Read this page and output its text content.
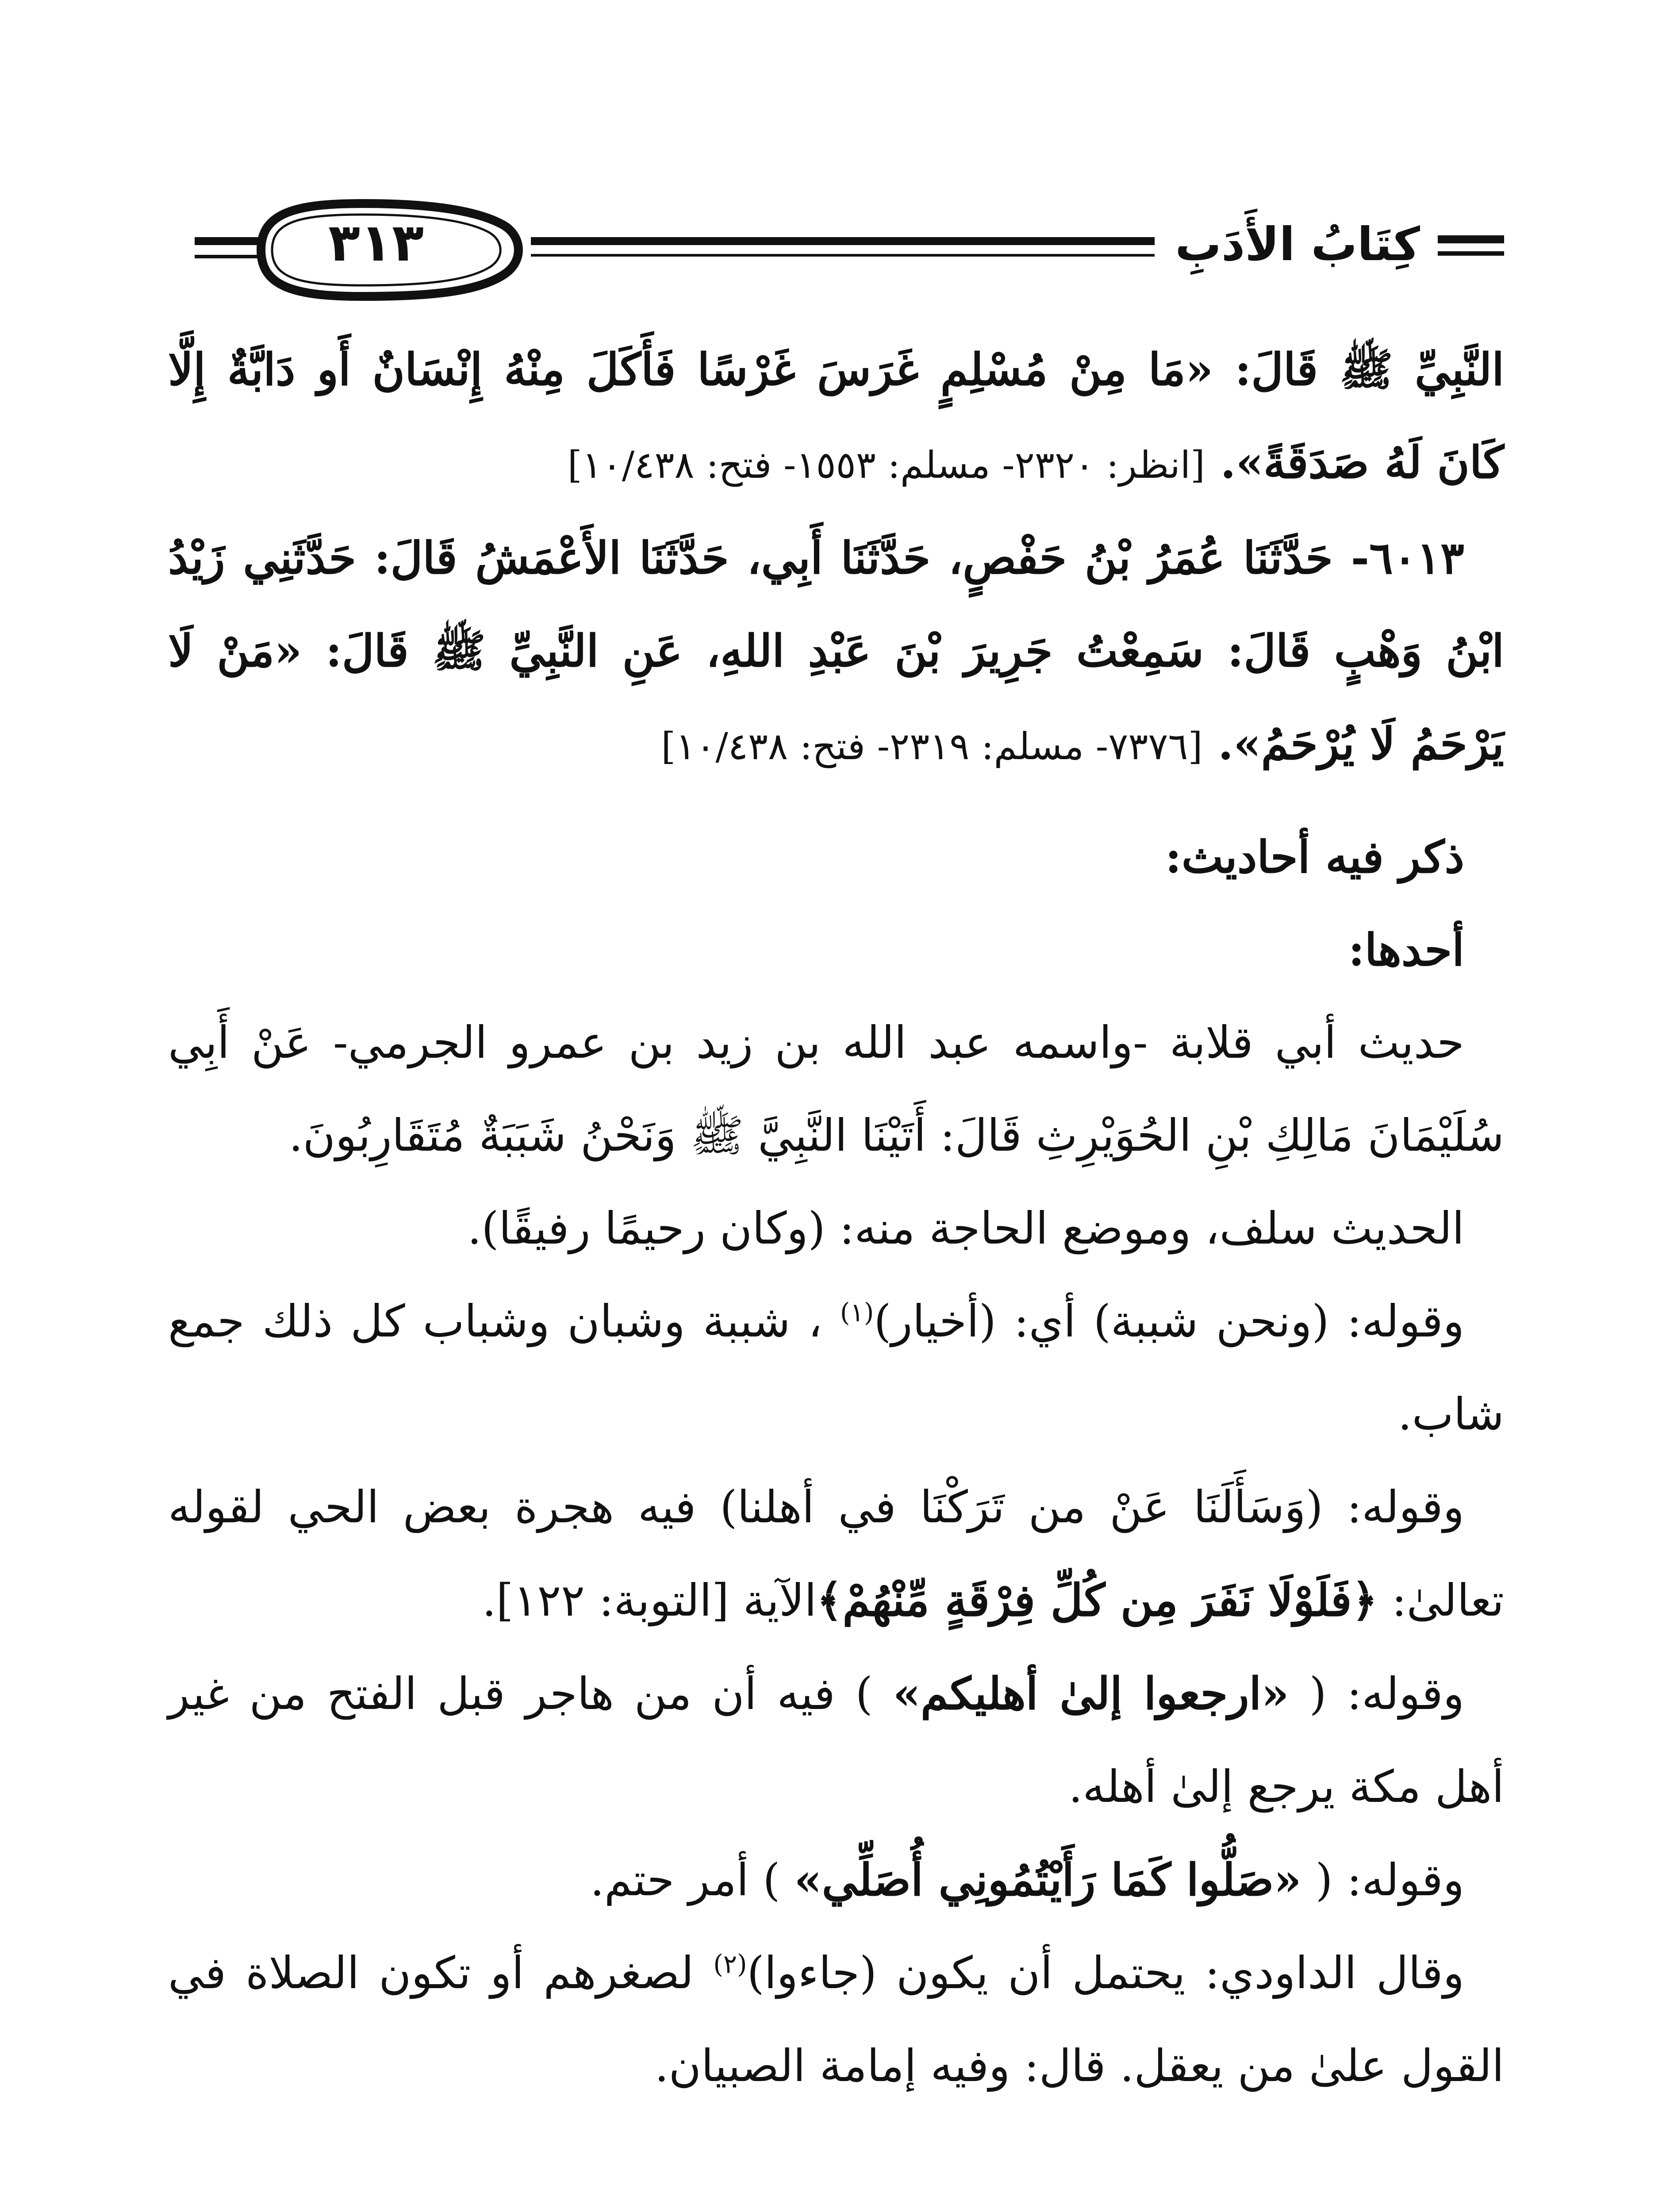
كِتَابُ الأَدَبِ
٣١٣

النَّبِيِّ ﷺ قَالَ: «مَا مِنْ مُسْلِمٍ غَرَسَ غَرْسًا فَأَكَلَ مِنْهُ إِنْسَانٌ أَو دَابَّةٌ إِلَّا كَانَ لَهُ صَدَقَةً». [انظر: ٢٣٢٠- مسلم: ١٥٥٣- فتح: ١٠/٤٣٨]

٦٠١٣- حَدَّثَنَا عُمَرُ بْنُ حَفْصٍ، حَدَّثَنَا أَبِي، حَدَّثَنَا الأَعْمَشُ قَالَ: حَدَّثَنِي زَيْدُ ابْنُ وَهْبٍ قَالَ: سَمِعْتُ جَرِيرَ بْنَ عَبْدِ اللهِ، عَنِ النَّبِيِّ ﷺ قَالَ: «مَنْ لَا يَرْحَمُ لَا يُرْحَمُ». [٧٣٧٦- مسلم: ٢٣١٩- فتح: ١٠/٤٣٨]

ذكر فيه أحاديث:

أحدها:

حديث أبي قلابة -واسمه عبد الله بن زيد بن عمرو الجرمي- عَنْ أَبِي سُلَيْمَانَ مَالِكِ بْنِ الحُوَيْرِثِ قَالَ: أَتَيْنَا النَّبِيَّ ﷺ وَنَحْنُ شَبَبَةٌ مُتَقَارِبُونَ.

الحديث سلف، وموضع الحاجة منه: (وكان رحيمًا رفيقًا).

وقوله: (ونحن شببة) أي: (أخيار)$^{(١)}$ ، شببة وشبان وشباب كل ذلك جمع شاب.

وقوله: (وَسَأَلَنَا عَنْ من تَرَكْنَا في أهلنا) فيه هجرة بعض الحي لقوله تعالىٰ: ﴿فَلَوْلَا نَفَرَ مِن كُلِّ فِرْقَةٍ مِّنْهُمْ﴾الآية [التوبة: ١٢٢].

وقوله: ( «ارجعوا إلىٰ أهليكم» ) فيه أن من هاجر قبل الفتح من غير أهل مكة يرجع إلىٰ أهله.

وقوله: ( «صَلُّوا كَمَا رَأَيْتُمُونِي أُصَلِّي» ) أمر حتم.

وقال الداودي: يحتمل أن يكون (جاءوا)$^{(٢)}$ لصغرهم أو تكون الصلاة في القول علىٰ من يعقل. قال: وفيه إمامة الصبيان.
